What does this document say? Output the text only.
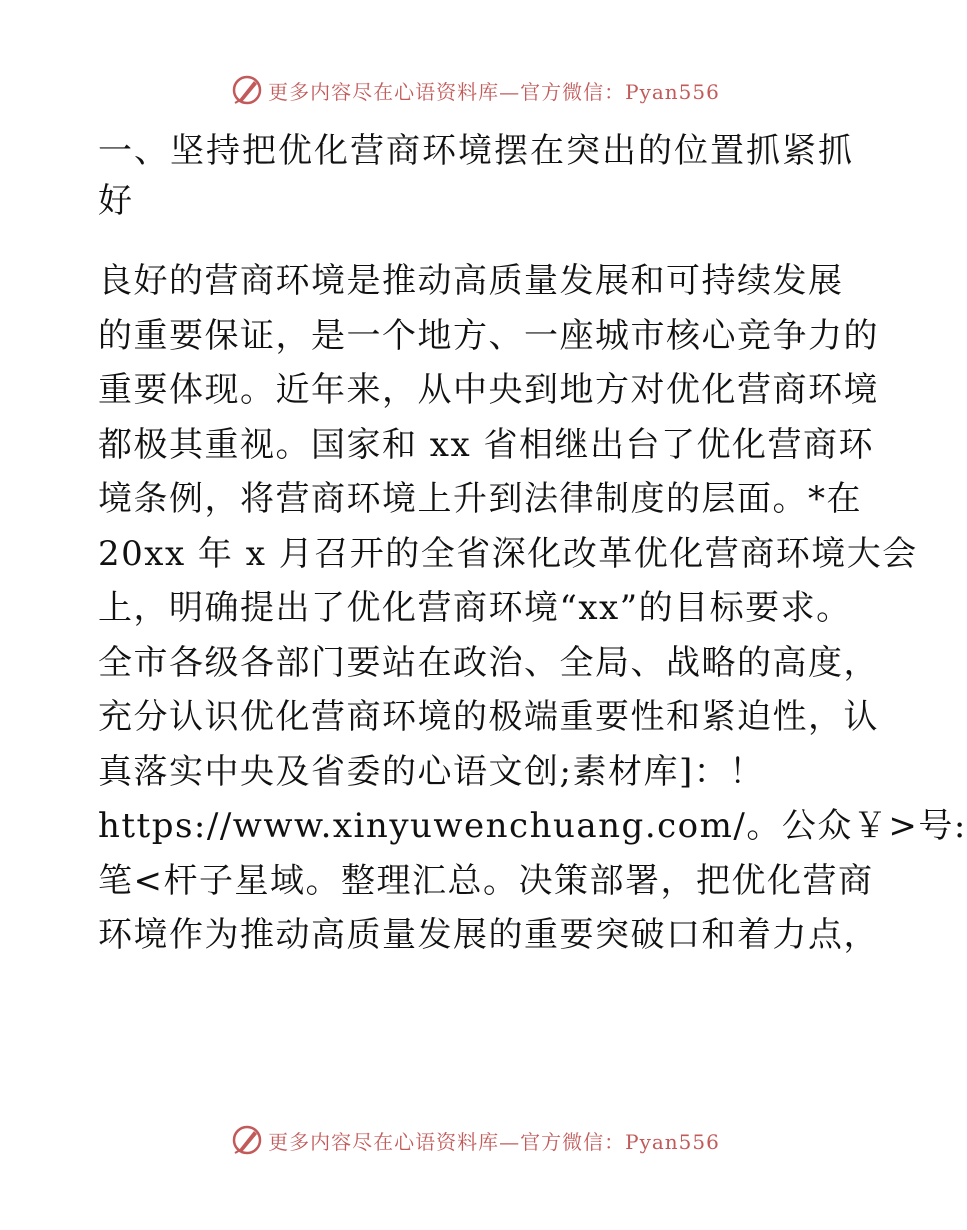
更多内容尽在心语资料库—官方微信：Pyan556
一、坚持把优化营商环境摆在突出的位置抓紧抓
好
良好的营商环境是推动高质量发展和可持续发展
的重要保证，是一个地方、一座城市核心竞争力的
重要体现。近年来，从中央到地方对优化营商环境
都极其重视。国家和 xx 省相继出台了优化营商环
境条例，将营商环境上升到法律制度的层面。*在
20xx 年 x 月召开的全省深化改革优化营商环境大会
上，明确提出了优化营商环境“xx”的目标要求。
全市各级各部门要站在政治、全局、战略的高度，
充分认识优化营商环境的极端重要性和紧迫性，认
真落实中央及省委的心语文创;素材库]：！
https://www.xinyuwenchuang.com/。公众￥>号:
笔<杆子星域。整理汇总。决策部署，把优化营商
环境作为推动高质量发展的重要突破口和着力点，
更多内容尽在心语资料库—官方微信：Pyan556
